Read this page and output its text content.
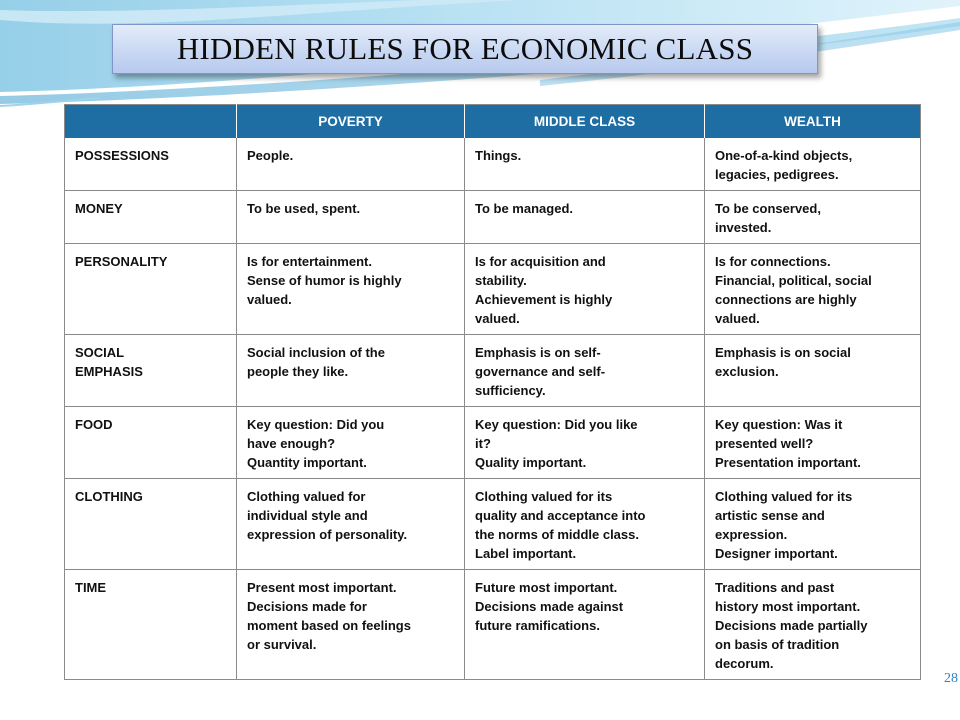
HIDDEN RULES FOR ECONOMIC CLASS
	POVERTY	MIDDLE CLASS	WEALTH

POSSESSIONS	People.	Things.	One-of-a-kind objects,
legacies, pedigrees.

MONEY	To be used, spent.	To be managed.	To be conserved,
invested.

PERSONALITY	Is for entertainment.
Sense of humor is highly
valued.	Is for acquisition and
stability.
Achievement is highly
valued.	Is for connections.
Financial, political, social
connections are highly
valued.

SOCIAL
EMPHASIS	Social inclusion of the
people they like.	Emphasis is on self-
governance and self-
sufficiency.	Emphasis is on social
exclusion.

FOOD	Key question: Did you
have enough?
Quantity important.	Key question: Did you like
it?
Quality important.	Key question: Was it
presented well?
Presentation important.

CLOTHING	Clothing valued for
individual style and
expression of personality.	Clothing valued for its
quality and acceptance into
the norms of middle class.
Label important.	Clothing valued for its
artistic sense and
expression.
Designer important.

TIME	Present most important.
Decisions made for
moment based on feelings
or survival.	Future most important.
Decisions made against
future ramifications.	Traditions and past
history most important.
Decisions made partially
on basis of tradition
decorum.
28
